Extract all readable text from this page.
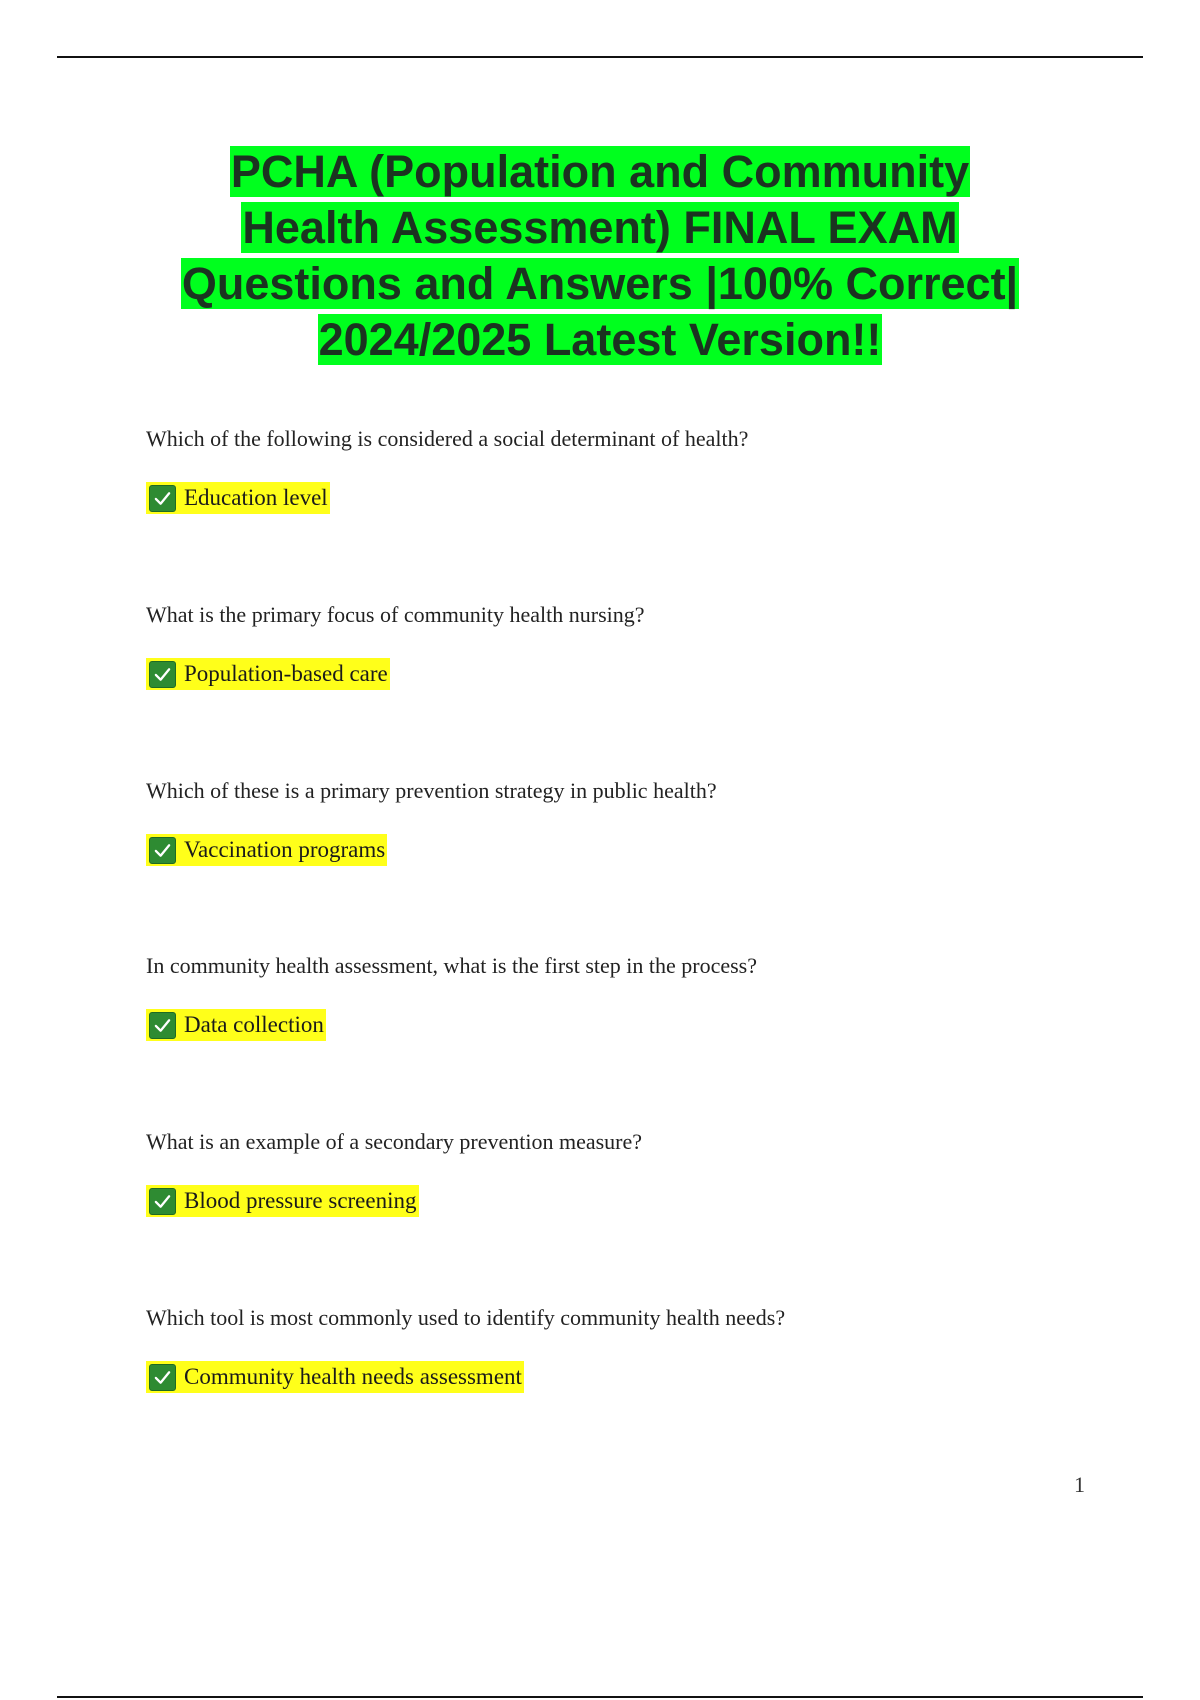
PCHA (Population and Community
Health Assessment) FINAL EXAM
Questions and Answers |100% Correct|
2024/2025 Latest Version!!
Which of the following is considered a social determinant of health?
Education level
What is the primary focus of community health nursing?
Population-based care
Which of these is a primary prevention strategy in public health?
Vaccination programs
In community health assessment, what is the first step in the process?
Data collection
What is an example of a secondary prevention measure?
Blood pressure screening
Which tool is most commonly used to identify community health needs?
Community health needs assessment
1
